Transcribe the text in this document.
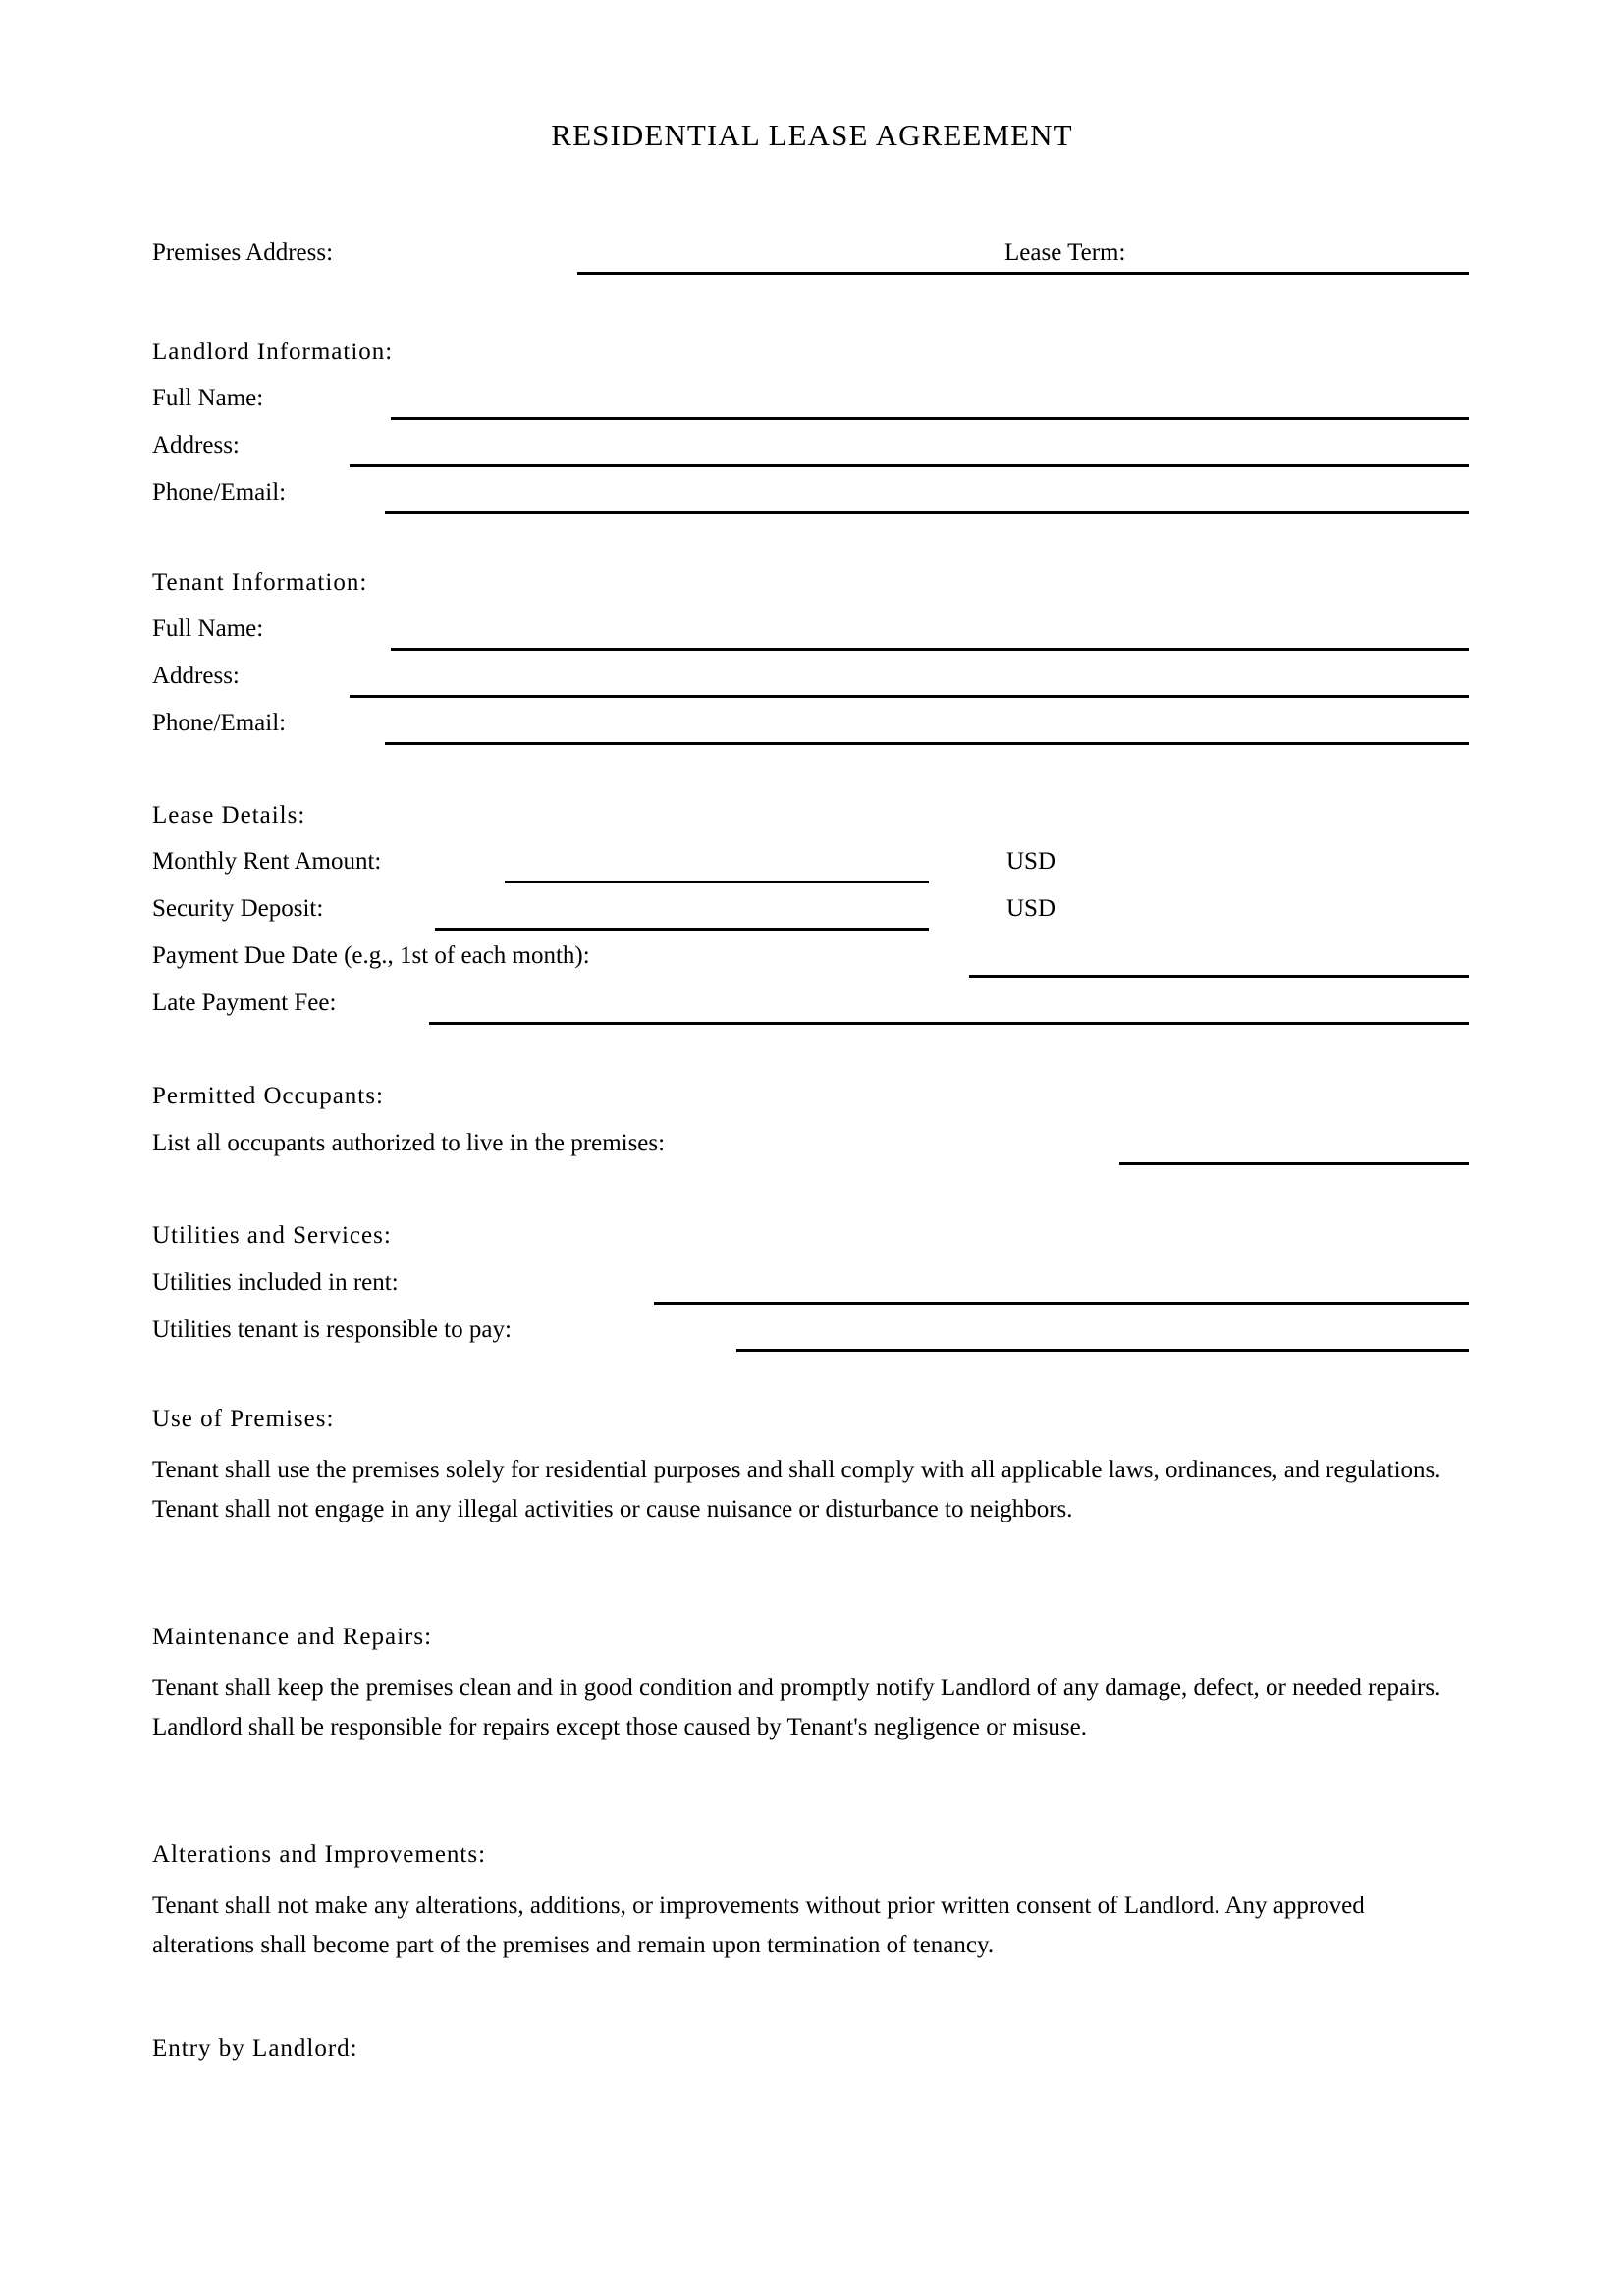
RESIDENTIAL LEASE AGREEMENT
Premises Address:	Lease Term:
Landlord Information:
Full Name:
Address:
Phone/Email:
Tenant Information:
Full Name:
Address:
Phone/Email:
Lease Details:
Monthly Rent Amount:	USD
Security Deposit:	USD
Payment Due Date (e.g., 1st of each month):
Late Payment Fee:
Permitted Occupants:
List all occupants authorized to live in the premises:
Utilities and Services:
Utilities included in rent:
Utilities tenant is responsible to pay:
Use of Premises:
Tenant shall use the premises solely for residential purposes and shall comply with all applicable laws, ordinances, and regulations. Tenant shall not engage in any illegal activities or cause nuisance or disturbance to neighbors.
Maintenance and Repairs:
Tenant shall keep the premises clean and in good condition and promptly notify Landlord of any damage, defect, or needed repairs. Landlord shall be responsible for repairs except those caused by Tenant's negligence or misuse.
Alterations and Improvements:
Tenant shall not make any alterations, additions, or improvements without prior written consent of Landlord. Any approved alterations shall become part of the premises and remain upon termination of tenancy.
Entry by Landlord:
